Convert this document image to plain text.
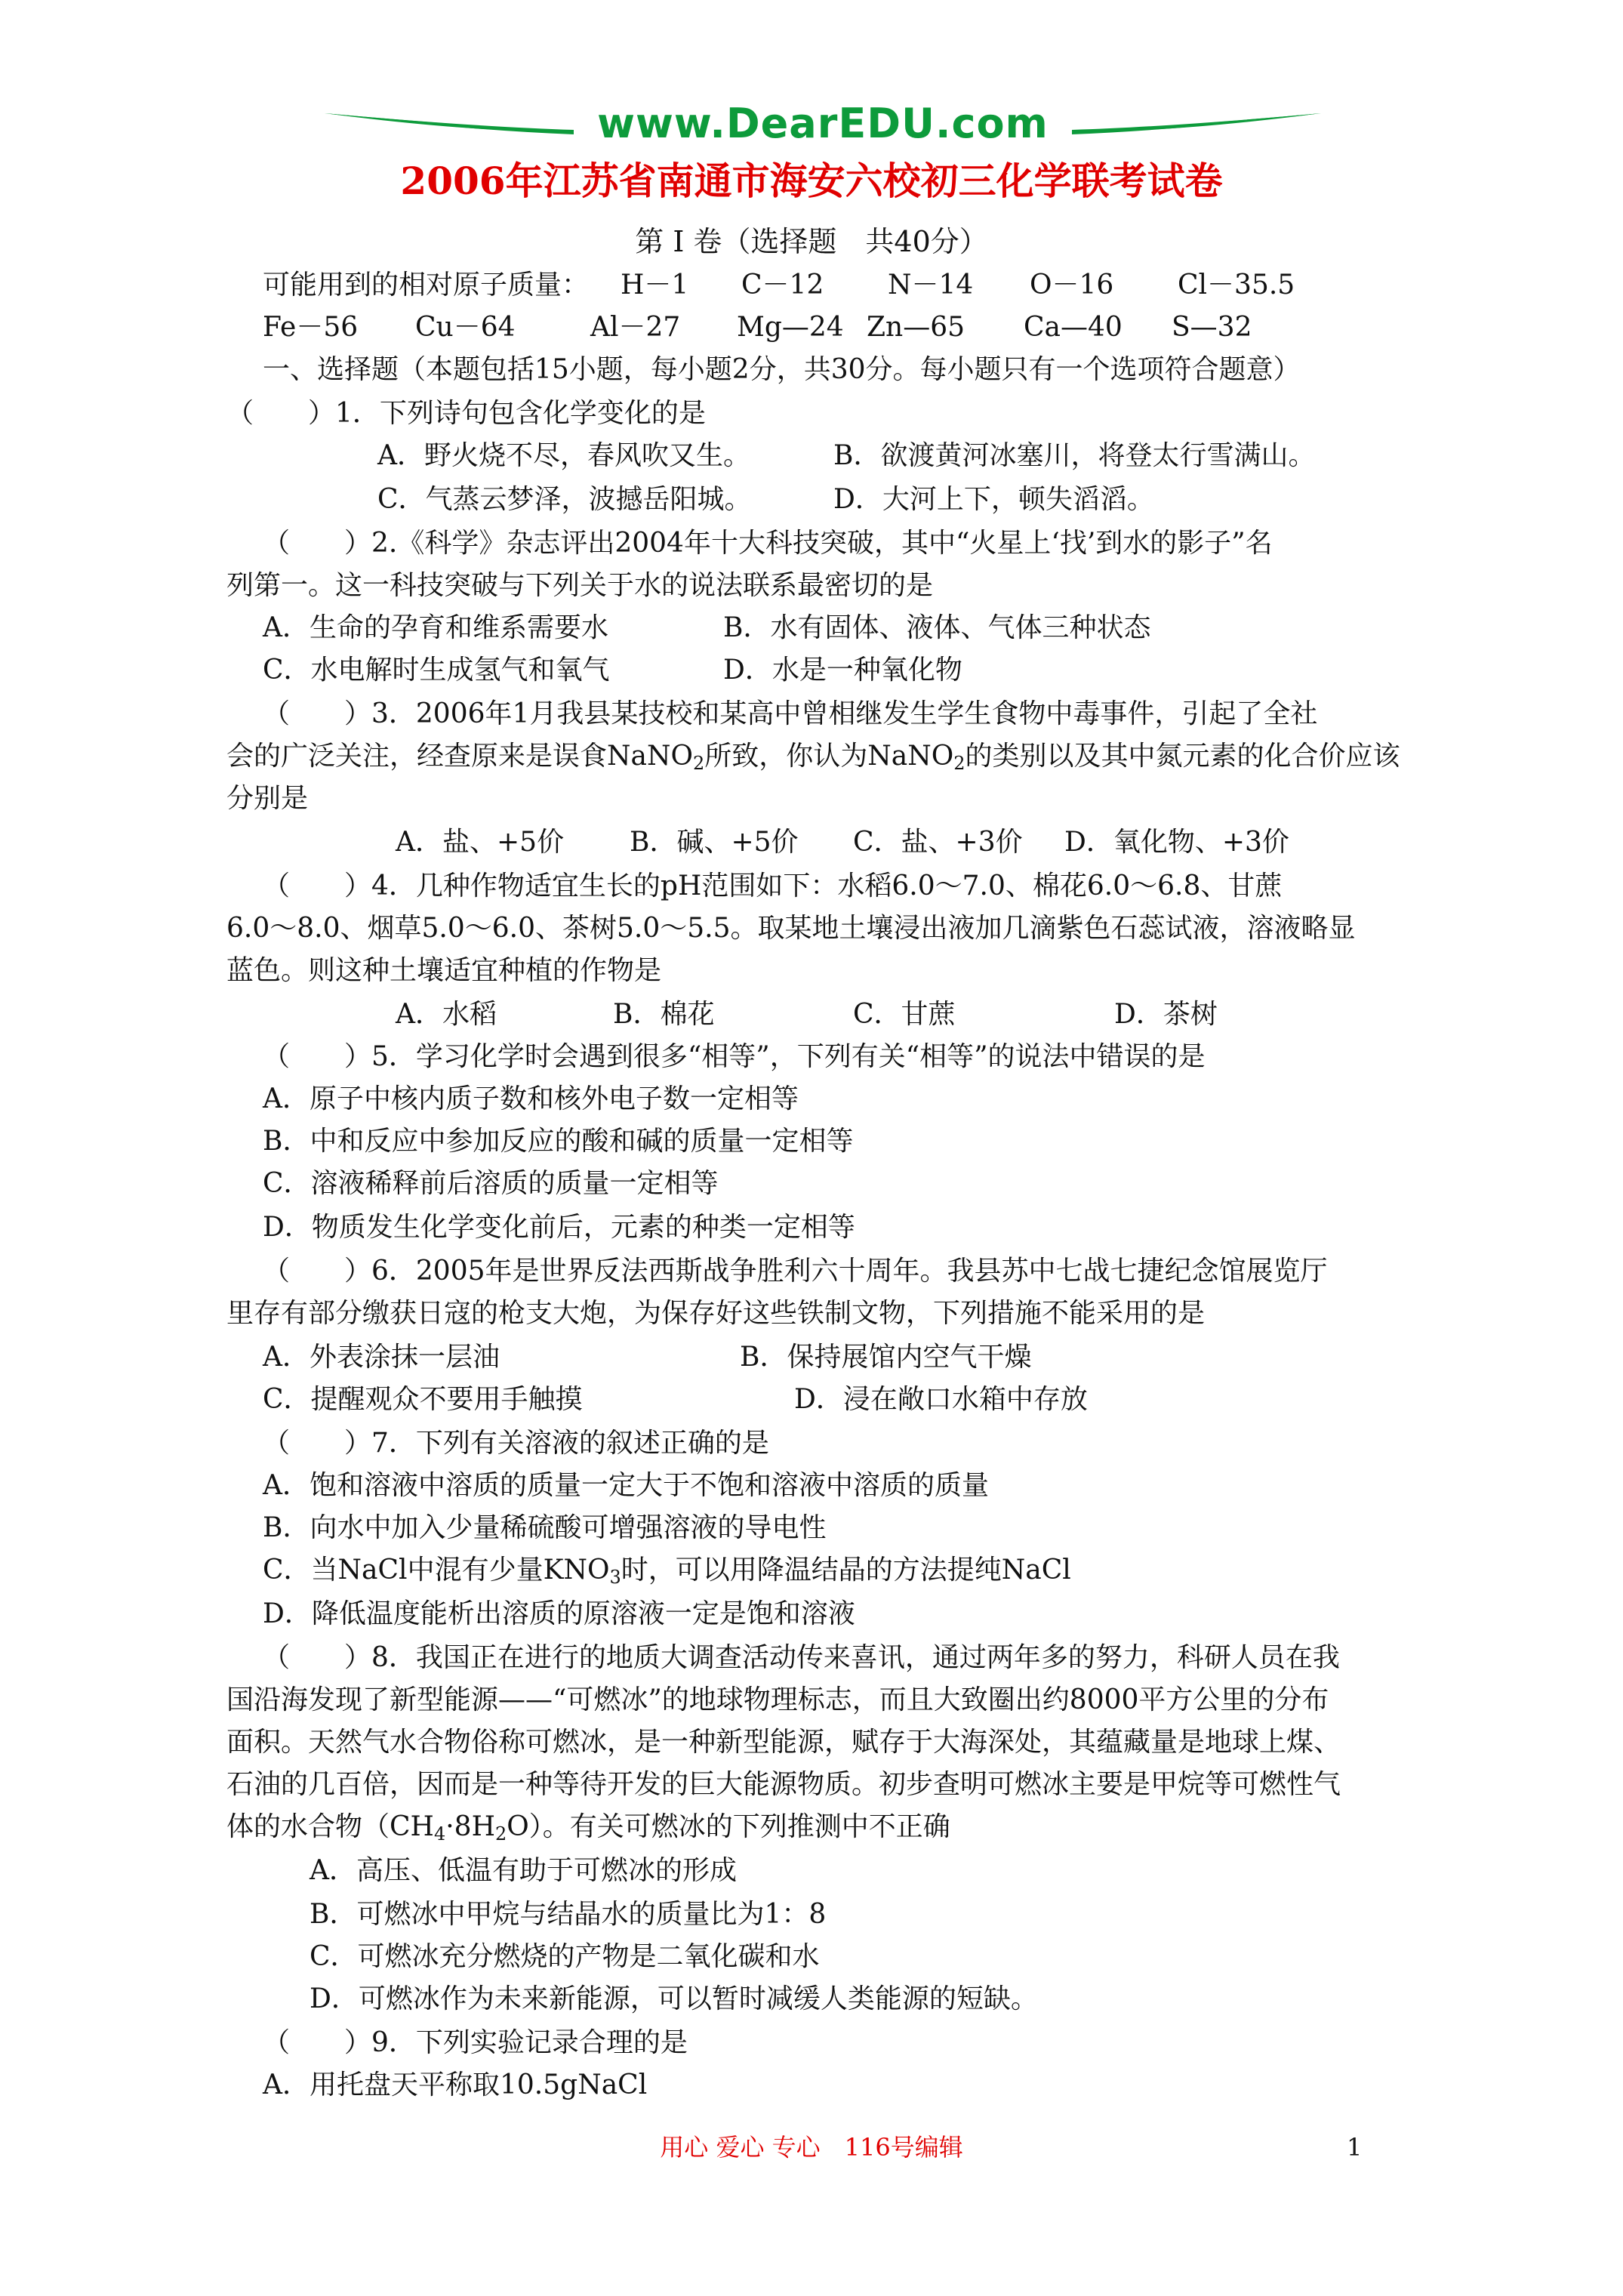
www.DearEDU.com
2006年江苏省南通市海安六校初三化学联考试卷
第 I 卷（选择题　共40分）
可能用到的相对原子质量： H－1 C－12 N－14 O－16 Cl－35.5
Fe－56 Cu－64	Al－27 Mg—24 Zn—65 Ca—40 S—32
一、选择题（本题包括15小题，每小题2分，共30分。每小题只有一个选项符合题意）
（　　）1．下列诗句包含化学变化的是
A．野火烧不尽，春风吹又生。	B．欲渡黄河冰塞川，将登太行雪满山。
C．气蒸云梦泽，波撼岳阳城。	D．大河上下，顿失滔滔。
（　　）2.《科学》杂志评出2004年十大科技突破，其中“火星上‘找’到水的影子”名
列第一。这一科技突破与下列关于水的说法联系最密切的是
A．生命的孕育和维系需要水	B．水有固体、液体、气体三种状态
C．水电解时生成氢气和氧气	D．水是一种氧化物
（　　）3．2006年1月我县某技校和某高中曾相继发生学生食物中毒事件，引起了全社
会的广泛关注，经查原来是误食NaNO$_2$所致，你认为NaNO$_2$的类别以及其中氮元素的化合价应该
分别是
A．盐、+5价 B．碱、+5价 C．盐、+3价 D．氧化物、+3价
（　　）4．几种作物适宜生长的pH范围如下：水稻6.0～7.0、棉花6.0～6.8、甘蔗
6.0～8.0、烟草5.0～6.0、茶树5.0～5.5。取某地土壤浸出液加几滴紫色石蕊试液，溶液略显
蓝色。则这种土壤适宜种植的作物是
A．水稻	B．棉花	C．甘蔗	D．茶树
（　　）5．学习化学时会遇到很多“相等”，下列有关“相等”的说法中错误的是
A．原子中核内质子数和核外电子数一定相等
B．中和反应中参加反应的酸和碱的质量一定相等
C．溶液稀释前后溶质的质量一定相等
D．物质发生化学变化前后，元素的种类一定相等
（　　）6．2005年是世界反法西斯战争胜利六十周年。我县苏中七战七捷纪念馆展览厅
里存有部分缴获日寇的枪支大炮，为保存好这些铁制文物，下列措施不能采用的是
A．外表涂抹一层油	B．保持展馆内空气干燥
C．提醒观众不要用手触摸	D．浸在敞口水箱中存放
（　　）7．下列有关溶液的叙述正确的是
A．饱和溶液中溶质的质量一定大于不饱和溶液中溶质的质量
B．向水中加入少量稀硫酸可增强溶液的导电性
C．当NaCl中混有少量$KNO_3$时，可以用降温结晶的方法提纯NaCl
D．降低温度能析出溶质的原溶液一定是饱和溶液
（　　）8．我国正在进行的地质大调查活动传来喜讯，通过两年多的努力，科研人员在我
国沿海发现了新型能源——“可燃冰”的地球物理标志，而且大致圈出约8000平方公里的分布
面积。天然气水合物俗称可燃冰，是一种新型能源，赋存于大海深处，其蕴藏量是地球上煤、
石油的几百倍，因而是一种等待开发的巨大能源物质。初步查明可燃冰主要是甲烷等可燃性气
体的水合物$(CH_4\cdot 8H_2O)$。有关可燃冰的下列推测中不正确
A．高压、低温有助于可燃冰的形成
B．可燃冰中甲烷与结晶水的质量比为1：8
C．可燃冰充分燃烧的产物是二氧化碳和水
D．可燃冰作为未来新能源，可以暂时减缓人类能源的短缺。
（　　）9．下列实验记录合理的是
A．用托盘天平称取10.5gNaCl
用心 爱心 专心　116号编辑	1
